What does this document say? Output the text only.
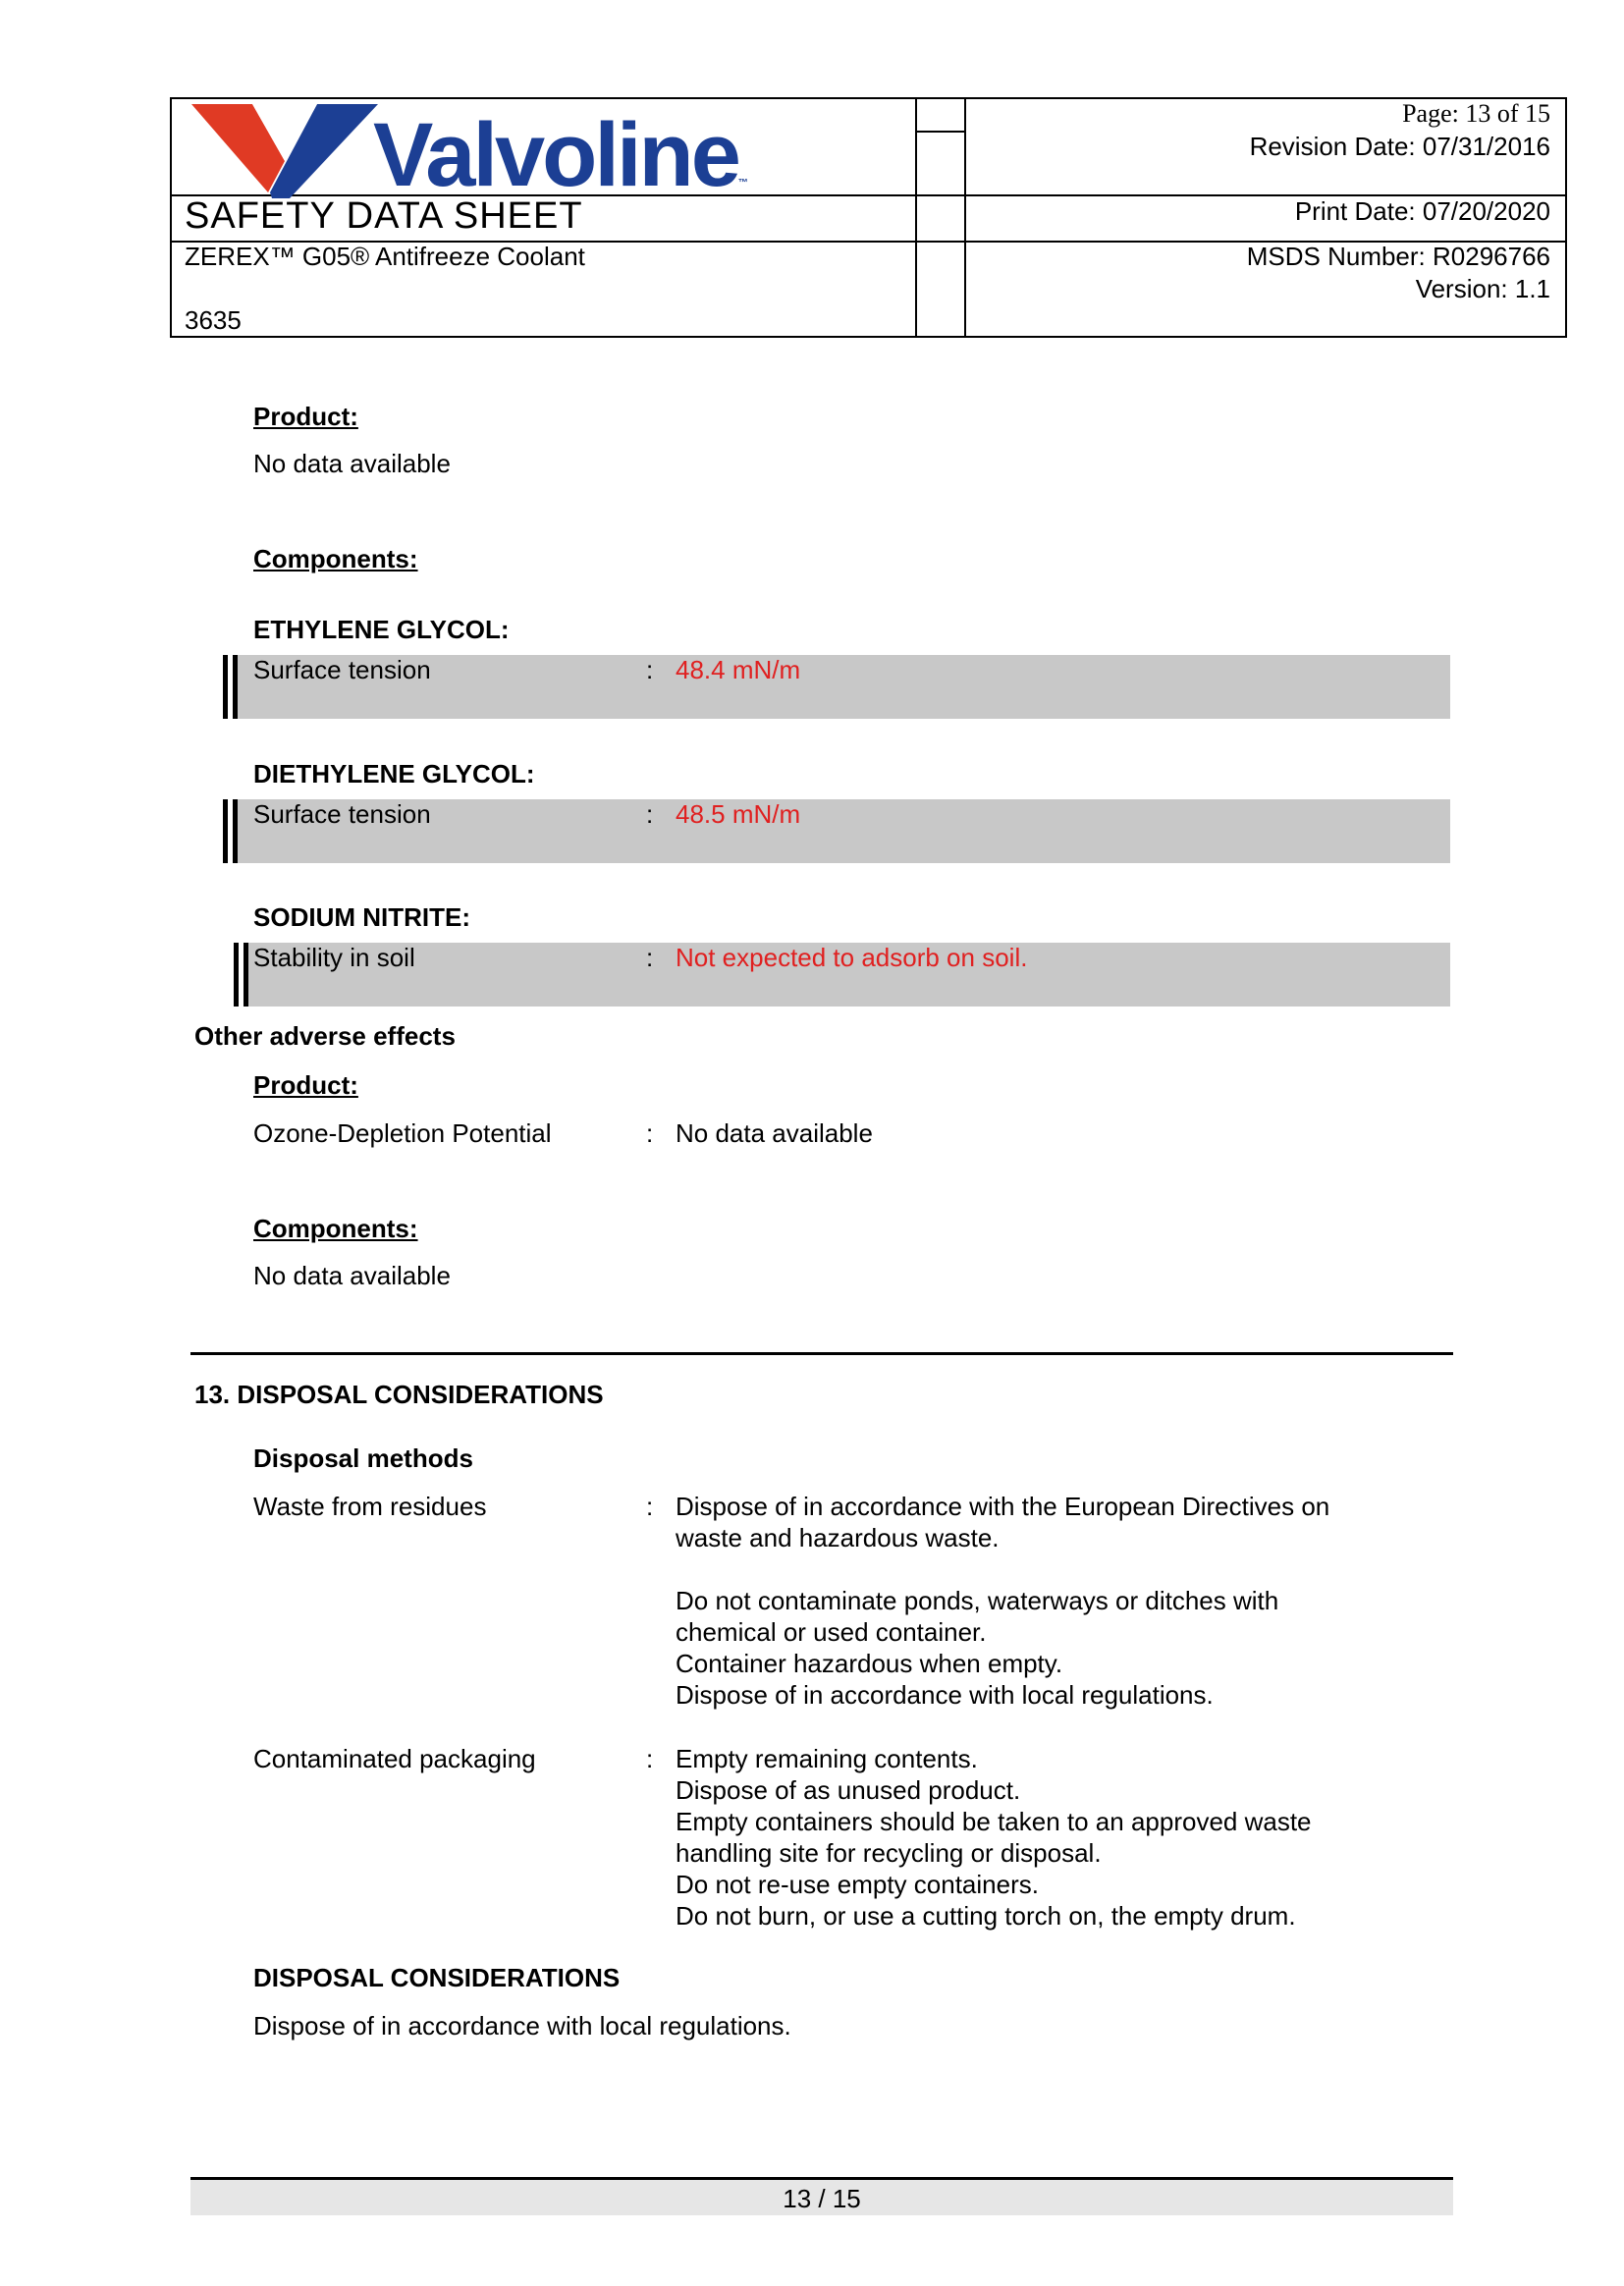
Valvoline™
SAFETY DATA SHEET
ZEREX™ G05® Antifreeze Coolant
3635
Page: 13 of 15
Revision Date: 07/31/2016
Print Date: 07/20/2020
MSDS Number: R0296766
Version: 1.1
Product:
No data available
Components:
ETHYLENE GLYCOL:
Surface tension	: 48.4 mN/m
DIETHYLENE GLYCOL:
Surface tension	: 48.5 mN/m
SODIUM NITRITE:
Stability in soil	: Not expected to adsorb on soil.
Other adverse effects
Product:
Ozone-Depletion Potential	: No data available
Components:
No data available
13. DISPOSAL CONSIDERATIONS
Disposal methods
Waste from residues	: Dispose of in accordance with the European Directives on
waste and hazardous waste.
Do not contaminate ponds, waterways or ditches with
chemical or used container.
Container hazardous when empty.
Dispose of in accordance with local regulations.
Contaminated packaging	: Empty remaining contents.
Dispose of as unused product.
Empty containers should be taken to an approved waste
handling site for recycling or disposal.
Do not re-use empty containers.
Do not burn, or use a cutting torch on, the empty drum.
DISPOSAL CONSIDERATIONS
Dispose of in accordance with local regulations.
13 / 15
